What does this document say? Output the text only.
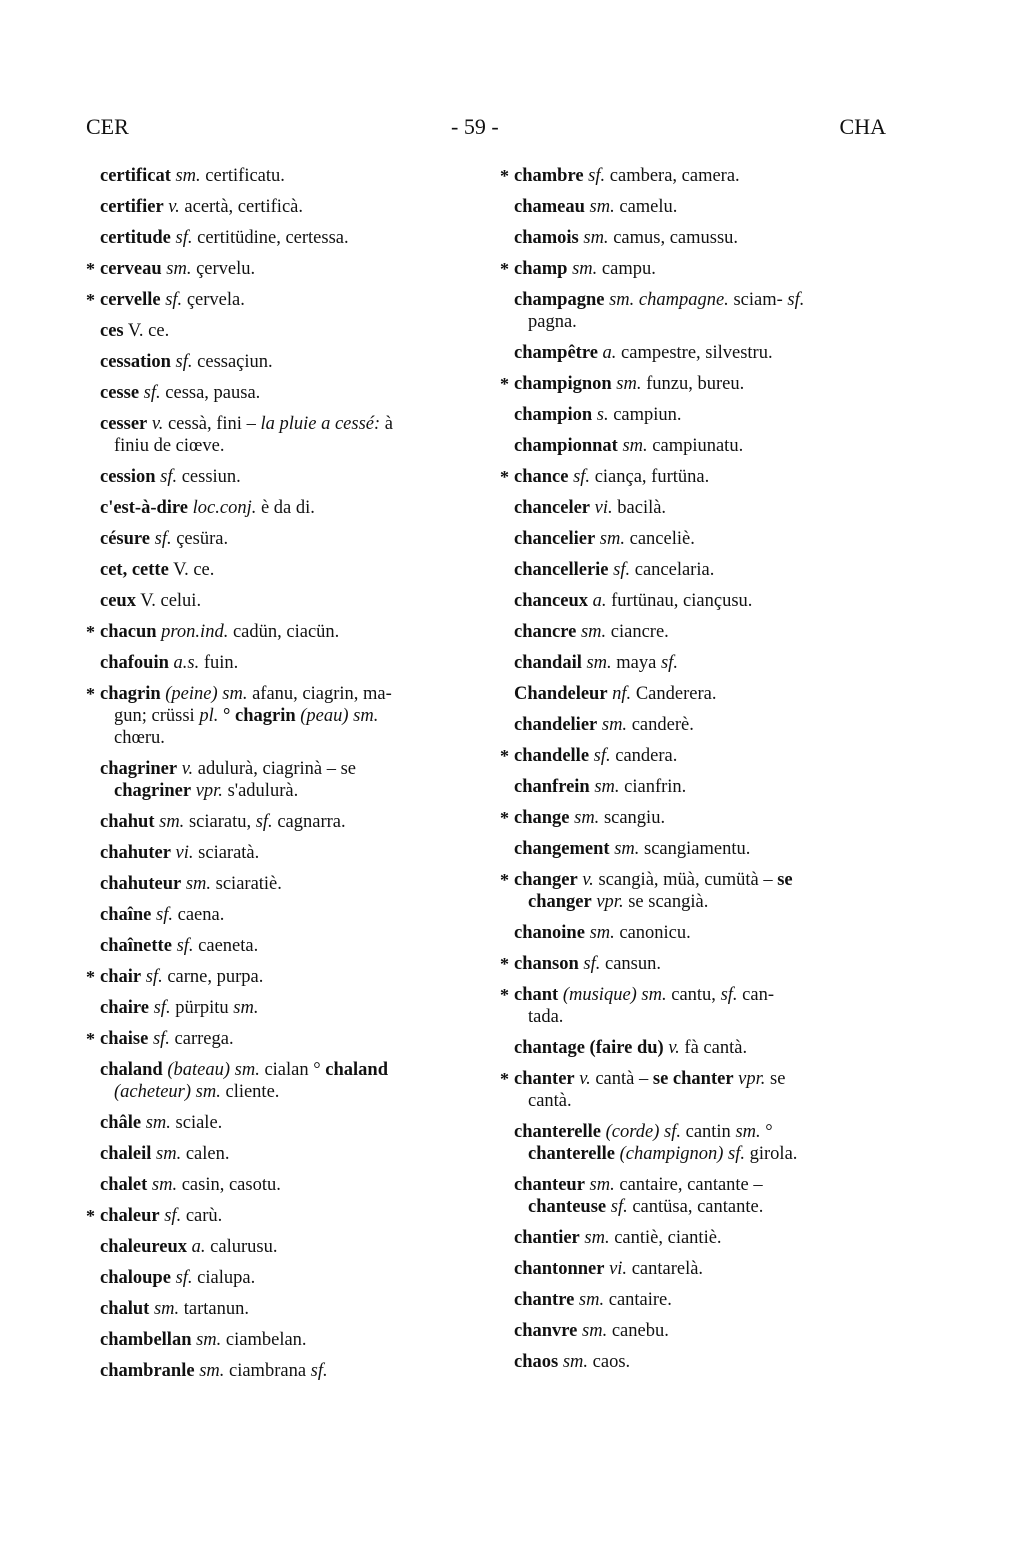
CER	- 59 -	CHA
certificat sm. certificatu.
certifier v. acertà, certificà.
certitude sf. certitüdine, certessa.
* cerveau sm. çervelu.
* cervelle sf. çervela.
ces V. ce.
cessation sf. cessaçiun.
cesse sf. cessa, pausa.
cesser v. cessà, fini – la pluie a cessé: à
finiu de ciœve.
cession sf. cessiun.
c'est-à-dire loc.conj. è da di.
césure sf. çesüra.
cet, cette V. ce.
ceux V. celui.
* chacun pron.ind. cadün, ciacün.
chafouin a.s. fuin.
* chagrin (peine) sm. afanu, ciagrin, ma-
gun; crüssi pl. ° chagrin (peau) sm.
chœru.
chagriner v. adulurà, ciagrinà – se
chagriner vpr. s'adulurà.
chahut sm. sciaratu, sf. cagnarra.
chahuter vi. sciaratà.
chahuteur sm. sciaratiè.
chaîne sf. caena.
chaînette sf. caeneta.
* chair sf. carne, purpa.
chaire sf. pürpitu sm.
* chaise sf. carrega.
chaland (bateau) sm. cialan ° chaland
(acheteur) sm. cliente.
châle sm. sciale.
chaleil sm. calen.
chalet sm. casin, casotu.
* chaleur sf. carù.
chaleureux a. calurusu.
chaloupe sf. cialupa.
chalut sm. tartanun.
chambellan sm. ciambelan.
chambranle sm. ciambrana sf.
* chambre sf. cambera, camera.
chameau sm. camelu.
chamois sm. camus, camussu.
* champ sm. campu.
champagne sm. champagne. sciam- sf.
pagna.
champêtre a. campestre, silvestru.
* champignon sm. funzu, bureu.
champion s. campiun.
championnat sm. campiunatu.
* chance sf. ciança, furtüna.
chanceler vi. bacilà.
chancelier sm. canceliè.
chancellerie sf. cancelaria.
chanceux a. furtünau, ciançusu.
chancre sm. ciancre.
chandail sm. maya sf.
Chandeleur nf. Canderera.
chandelier sm. canderè.
* chandelle sf. candera.
chanfrein sm. cianfrin.
* change sm. scangiu.
changement sm. scangiamentu.
* changer v. scangià, müà, cumütà – se
changer vpr. se scangià.
chanoine sm. canonicu.
* chanson sf. cansun.
* chant (musique) sm. cantu, sf. can-
tada.
chantage (faire du) v. fà cantà.
* chanter v. cantà – se chanter vpr. se
cantà.
chanterelle (corde) sf. cantin sm. °
chanterelle (champignon) sf. girola.
chanteur sm. cantaire, cantante –
chanteuse sf. cantüsa, cantante.
chantier sm. cantiè, ciantiè.
chantonner vi. cantarelà.
chantre sm. cantaire.
chanvre sm. canebu.
chaos sm. caos.
